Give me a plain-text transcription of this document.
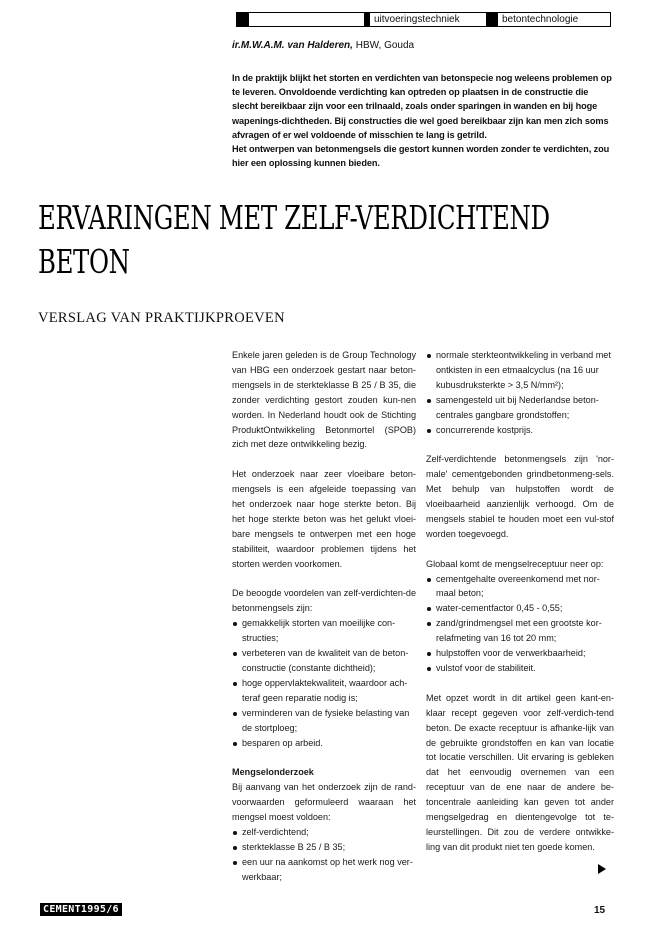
uitvoeringstechniek	betontechnologie
ir.M.W.A.M. van Halderen, HBW, Gouda

In de praktijk blijkt het storten en verdichten van betonspecie nog weleens problemen op te leveren. Onvoldoende verdichting kan optreden op plaatsen in de constructie die slecht bereikbaar zijn voor een trilnaald, zoals onder sparingen in wanden en bij hoge wapenings-dichtheden. Bij constructies die wel goed bereikbaar zijn kan men zich soms afvragen of er wel voldoende of misschien te lang is getrild.

Het ontwerpen van betonmengsels die gestort kunnen worden zonder te verdichten, zou hier een oplossing kunnen bieden.

ERVARINGEN MET ZELF-VERDICHTEND
BETON
VERSLAG VAN PRAKTIJKPROEVEN

Enkele jaren geleden is de Group Technology van HBG een onderzoek gestart naar beton-mengsels in de sterkteklasse B 25 / B 35, die zonder verdichting gestort zouden kun-nen worden. In Nederland houdt ook de Stichting ProduktOntwikkeling Betonmortel (SPOB) zich met deze ontwikkeling bezig.

Het onderzoek naar zeer vloeibare beton-mengsels is een afgeleide toepassing van het onderzoek naar hoge sterkte beton. Bij het hoge sterkte beton was het gelukt vloei-bare mengsels te ontwerpen met een hoge stabiliteit, waardoor problemen tijdens het storten werden voorkomen.

De beoogde voordelen van zelf-verdichten-de betonmengsels zijn:

gemakkelijk storten van moeilijke con-structies;
verbeteren van de kwaliteit van de beton-constructie (constante dichtheid);
hoge oppervlaktekwaliteit, waardoor ach-teraf geen reparatie nodig is;
verminderen van de fysieke belasting van de stortploeg;
besparen op arbeid.
Mengselonderzoek

Bij aanvang van het onderzoek zijn de rand-voorwaarden geformuleerd waaraan het mengsel moest voldoen:

zelf-verdichtend;
sterkteklasse B 25 / B 35;
een uur na aankomst op het werk nog ver-werkbaar;
normale sterkteontwikkeling in verband met ontkisten in een etmaalcyclus (na 16 uur kubusdruksterkte > 3,5 N/mm²);
samengesteld uit bij Nederlandse beton-centrales gangbare grondstoffen;
concurrerende kostprijs.

Zelf-verdichtende betonmengsels zijn 'nor-male' cementgebonden grindbetonmeng-sels. Met behulp van hulpstoffen wordt de vloeibaarheid aanzienlijk verhoogd. Om de mengsels stabiel te houden moet een vul-stof worden toegevoegd.

Globaal komt de mengselreceptuur neer op:

cementgehalte overeenkomend met nor-maal beton;
water-cementfactor 0,45 - 0,55;
zand/grindmengsel met een grootste kor-relafmeting van 16 tot 20 mm;
hulpstoffen voor de verwerkbaarheid;
vulstof voor de stabiliteit.

Met opzet wordt in dit artikel geen kant-en-klaar recept gegeven voor zelf-verdich-tend beton. De exacte receptuur is afhanke-lijk van de gebruikte grondstoffen en kan van locatie tot locatie verschillen. Uit ervaring is gebleken dat het eenvoudig overnemen van een receptuur van de ene naar de andere be-toncentrale aanleiding kan geven tot ander mengselgedrag en dientengevolge tot te-leurstellingen. Dit zou de verdere ontwikke-ling van dit produkt niet ten goede komen.

CEMENT1995/6	15
